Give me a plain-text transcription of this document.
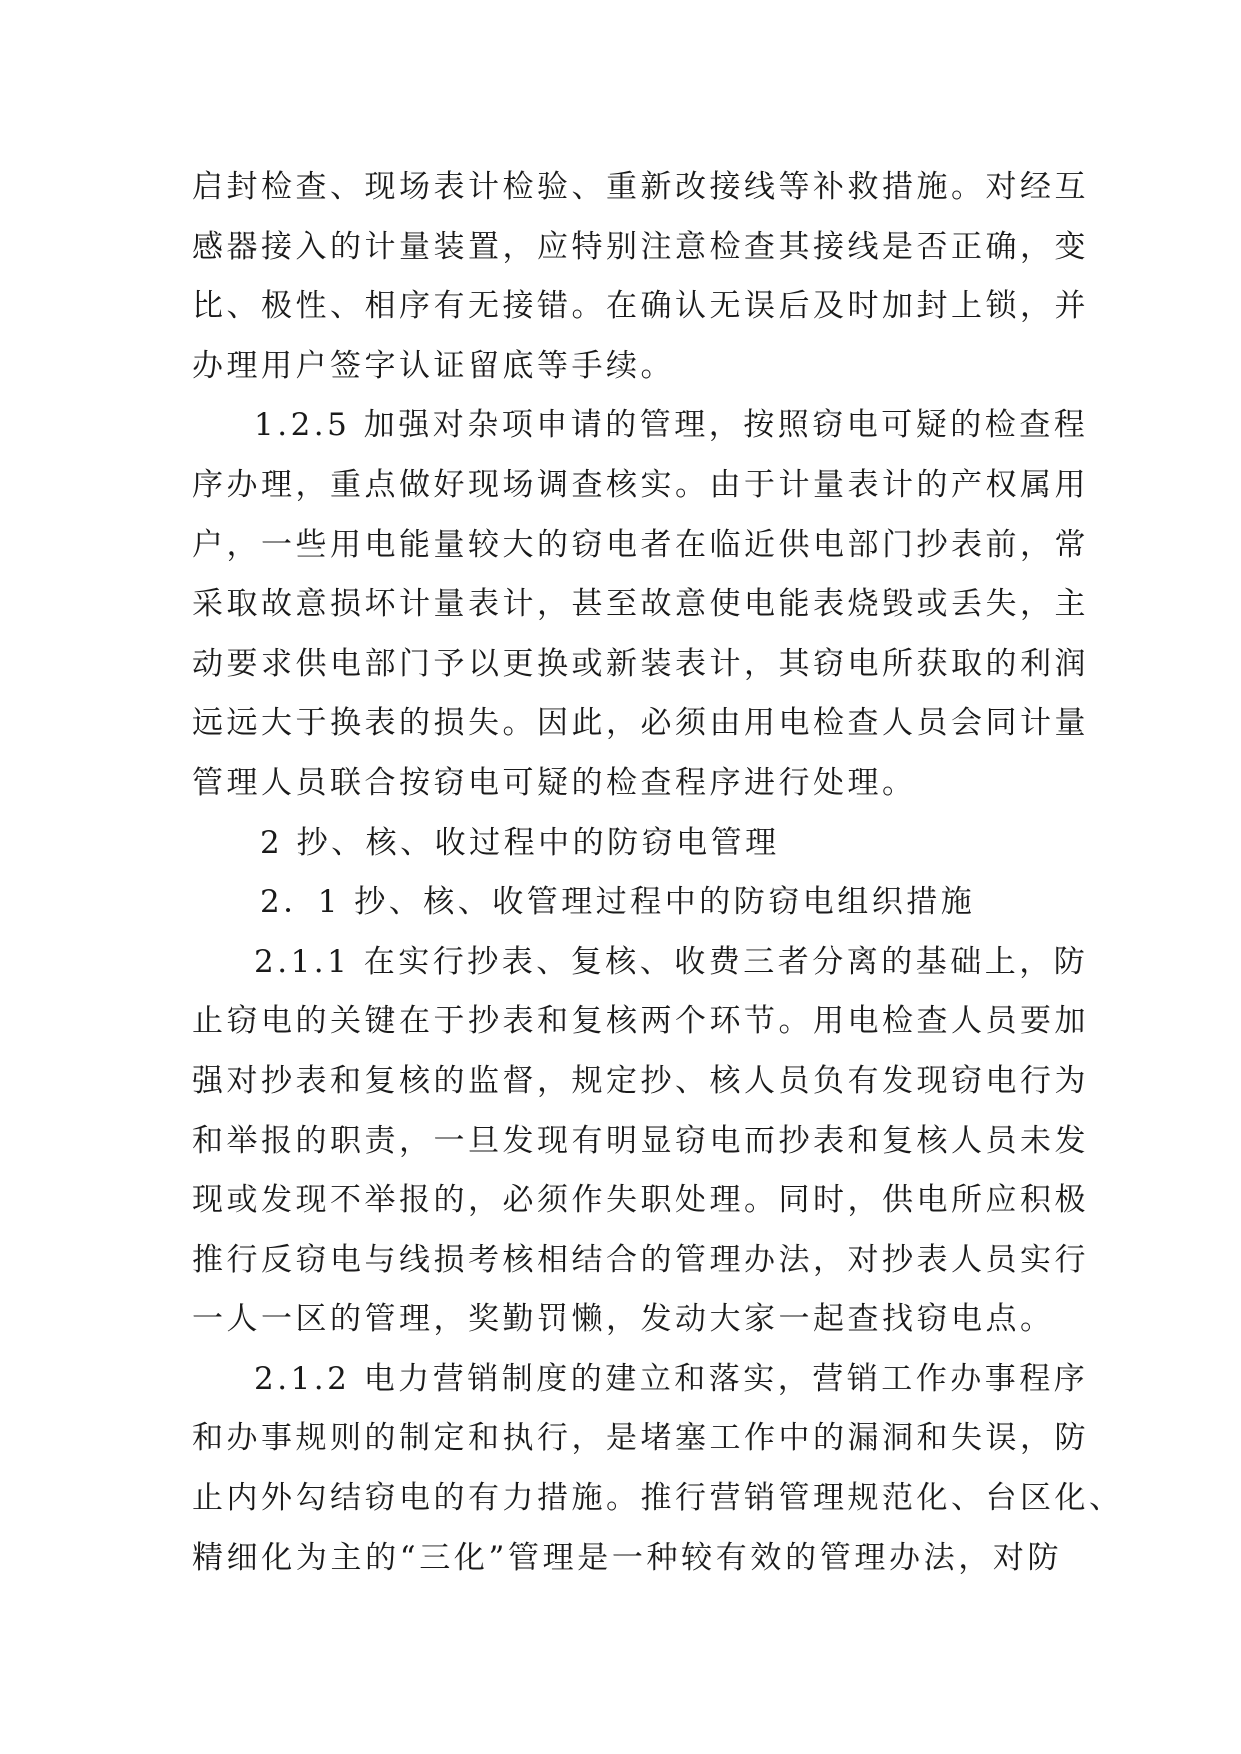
启封检查、现场表计检验、重新改接线等补救措施。对经互
感器接入的计量装置，应特别注意检查其接线是否正确，变
比、极性、相序有无接错。在确认无误后及时加封上锁，并
办理用户签字认证留底等手续。
1.2.5 加强对杂项申请的管理，按照窃电可疑的检查程
序办理，重点做好现场调查核实。由于计量表计的产权属用
户，一些用电能量较大的窃电者在临近供电部门抄表前，常
采取故意损坏计量表计，甚至故意使电能表烧毁或丢失，主
动要求供电部门予以更换或新装表计，其窃电所获取的利润
远远大于换表的损失。因此，必须由用电检查人员会同计量
管理人员联合按窃电可疑的检查程序进行处理。
2 抄、核、收过程中的防窃电管理
2．1 抄、核、收管理过程中的防窃电组织措施
2.1.1 在实行抄表、复核、收费三者分离的基础上，防
止窃电的关键在于抄表和复核两个环节。用电检查人员要加
强对抄表和复核的监督，规定抄、核人员负有发现窃电行为
和举报的职责，一旦发现有明显窃电而抄表和复核人员未发
现或发现不举报的，必须作失职处理。同时，供电所应积极
推行反窃电与线损考核相结合的管理办法，对抄表人员实行
一人一区的管理，奖勤罚懒，发动大家一起查找窃电点。
2.1.2 电力营销制度的建立和落实，营销工作办事程序
和办事规则的制定和执行，是堵塞工作中的漏洞和失误，防
止内外勾结窃电的有力措施。推行营销管理规范化、台区化、
精细化为主的“三化”管理是一种较有效的管理办法，对防
